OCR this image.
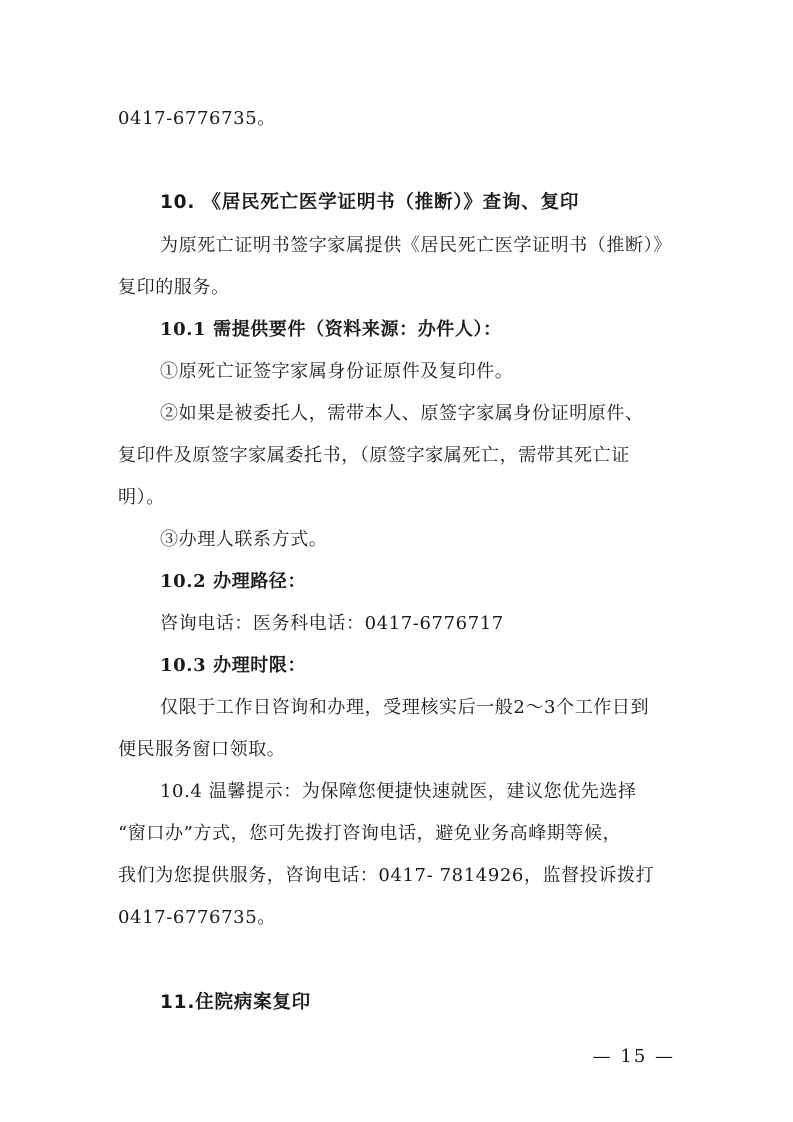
0417-6776735。
10. 《居民死亡医学证明书（推断）》查询、复印
为原死亡证明书签字家属提供《居民死亡医学证明书（推断）》
复印的服务。
10.1 需提供要件（资料来源：办件人）：
①原死亡证签字家属身份证原件及复印件。
②如果是被委托人，需带本人、原签字家属身份证明原件、
复印件及原签字家属委托书，（原签字家属死亡，需带其死亡证
明）。
③办理人联系方式。
10.2 办理路径：
咨询电话：医务科电话：0417-6776717
10.3 办理时限：
仅限于工作日咨询和办理，受理核实后一般2～3个工作日到
便民服务窗口领取。
10.4 温馨提示：为保障您便捷快速就医，建议您优先选择
“窗口办”方式，您可先拨打咨询电话，避免业务高峰期等候，
我们为您提供服务，咨询电话：0417- 7814926，监督投诉拨打
0417-6776735。
11.住院病案复印
— 15 —
